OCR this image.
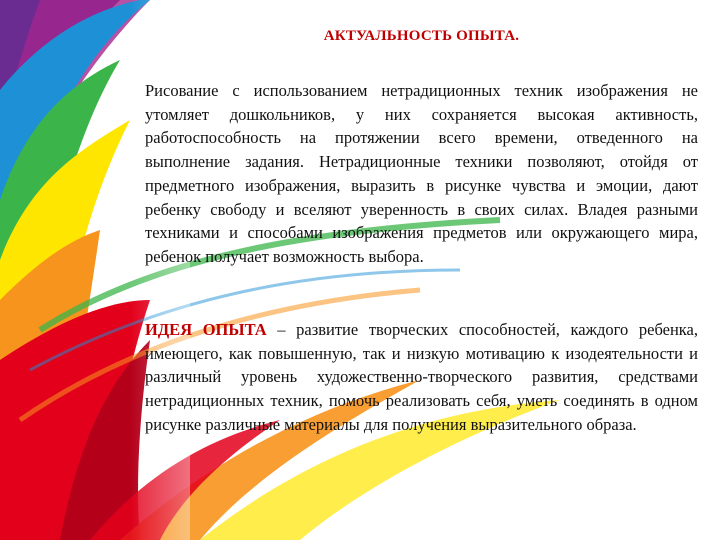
АКТУАЛЬНОСТЬ ОПЫТА.

Рисование с использованием нетрадиционных техник изображения не утомляет дошкольников, у них сохраняется высокая активность, работоспособность на протяжении всего времени, отведенного на выполнение задания. Нетрадиционные техники позволяют, отойдя от предметного изображения, выразить в рисунке чувства и эмоции, дают ребенку свободу и вселяют уверенность в своих силах. Владея разными техниками и способами изображения предметов или окружающего мира, ребенок получает возможность выбора.

ИДЕЯ ОПЫТА – развитие творческих способностей, каждого ребенка, имеющего, как повышенную, так и низкую мотивацию к изодеятельности и различный уровень художественно-творческого развития, средствами нетрадиционных техник, помочь реализовать себя, уметь соединять в одном рисунке различные материалы для получения выразительного образа.
